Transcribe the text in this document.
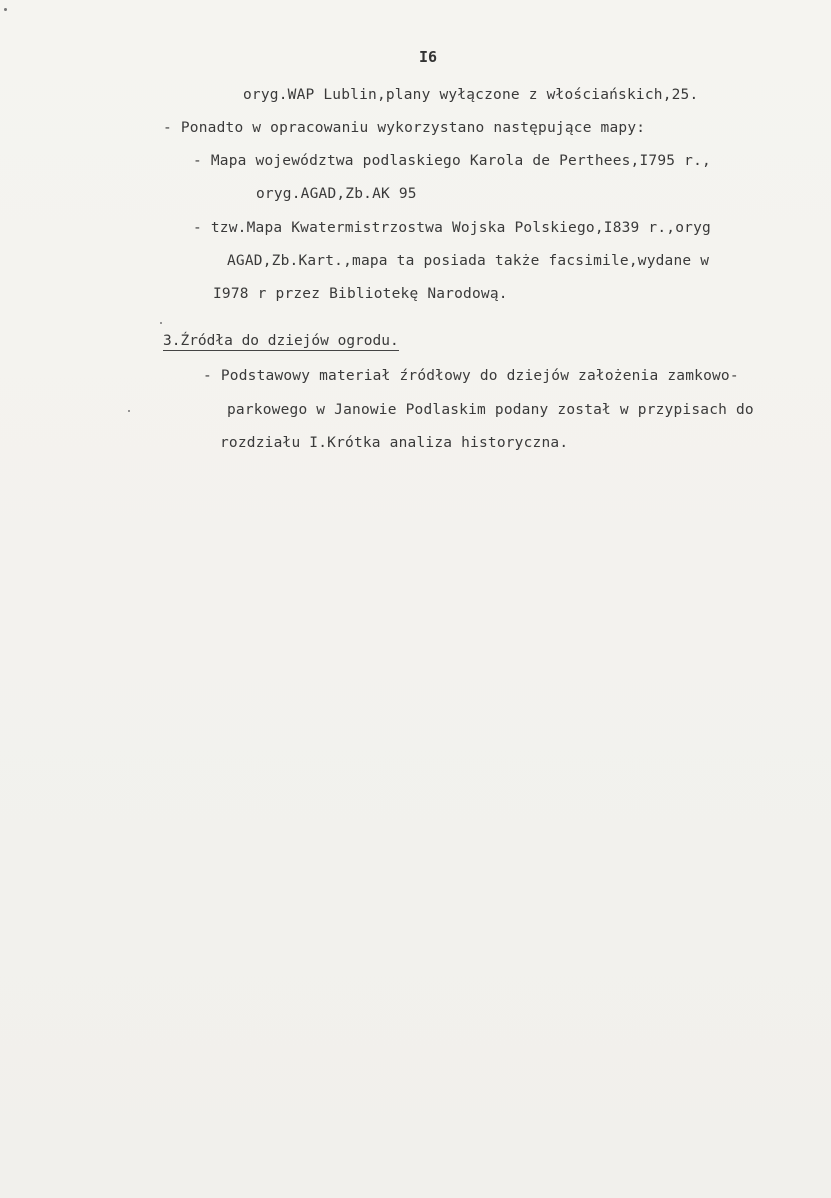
I6
oryg.WAP Lublin,plany wyłączone z włościańskich,25.
- Ponadto w opracowaniu wykorzystano następujące mapy:
- Mapa województwa podlaskiego Karola de Perthees,I795 r.,
oryg.AGAD,Zb.AK 95
- tzw.Mapa Kwatermistrzostwa Wojska Polskiego,I839 r.,oryg
AGAD,Zb.Kart.,mapa ta posiada także facsimile,wydane w
I978 r przez Bibliotekę Narodową.
3.Źródła do dziejów ogrodu.
- Podstawowy materiał źródłowy do dziejów założenia zamkowo-
parkowego w Janowie Podlaskim podany został w przypisach do
rozdziału I.Krótka analiza historyczna.
